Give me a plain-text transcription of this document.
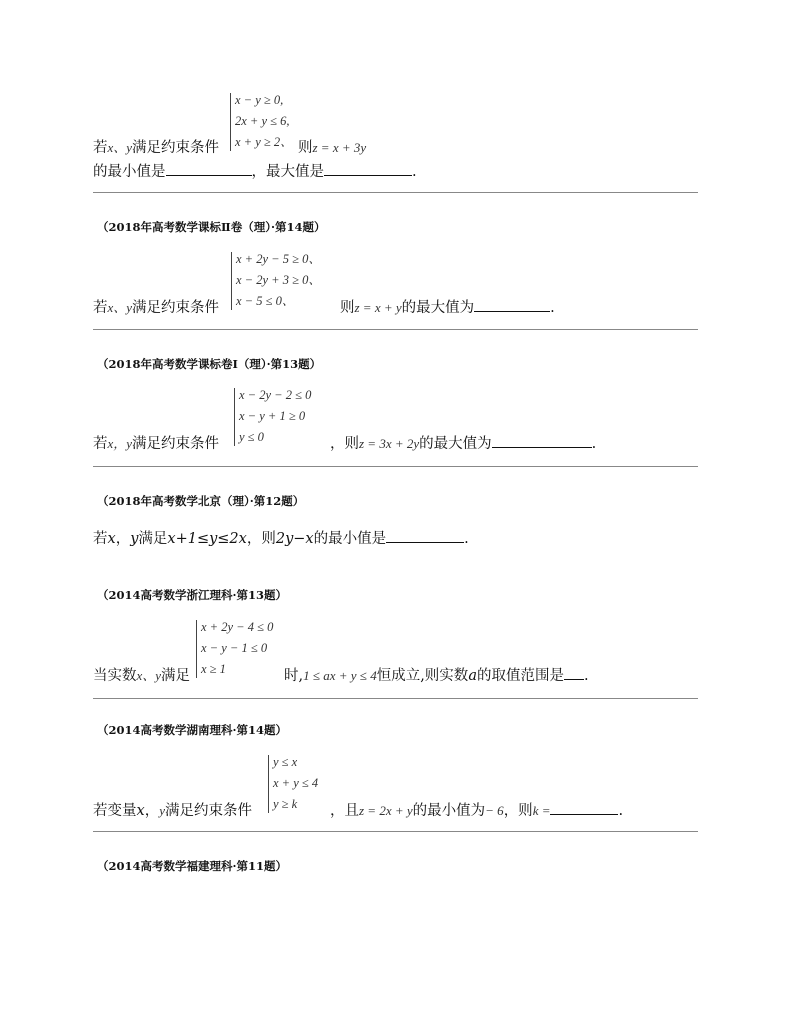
x − y ≥ 0,
2x + y ≤ 6,
x + y ≥ 2、
若x、y满足约束条件	则z = x + 3y
的最小值是	，最大值是	.
（2018年高考数学课标Ⅱ卷（理）·第14题）
x + 2y − 5 ≥ 0、
x − 2y + 3 ≥ 0、
x − 5 ≤ 0、
若x、y满足约束条件	则z = x + y的最大值为	.
（2018年高考数学课标卷Ⅰ（理）·第13题）
x − 2y − 2 ≤ 0
x − y + 1 ≥ 0
y ≤ 0
若x，y满足约束条件	，则z = 3x + 2y的最大值为	.
（2018年高考数学北京（理）·第12题）
若x，y满足x+1≤y≤2x，则2y−x的最小值是	.
（2014高考数学浙江理科·第13题）
x + 2y − 4 ≤ 0
x − y − 1 ≤ 0
x ≥ 1
当实数x、y满足	时,1 ≤ ax + y ≤ 4恒成立,则实数a的取值范围是 .
（2014高考数学湖南理科·第14题）
y ≤ x
x + y ≤ 4
y ≥ k
若变量x，y满足约束条件	，且z = 2x + y的最小值为− 6，则k =	.
（2014高考数学福建理科·第11题）
